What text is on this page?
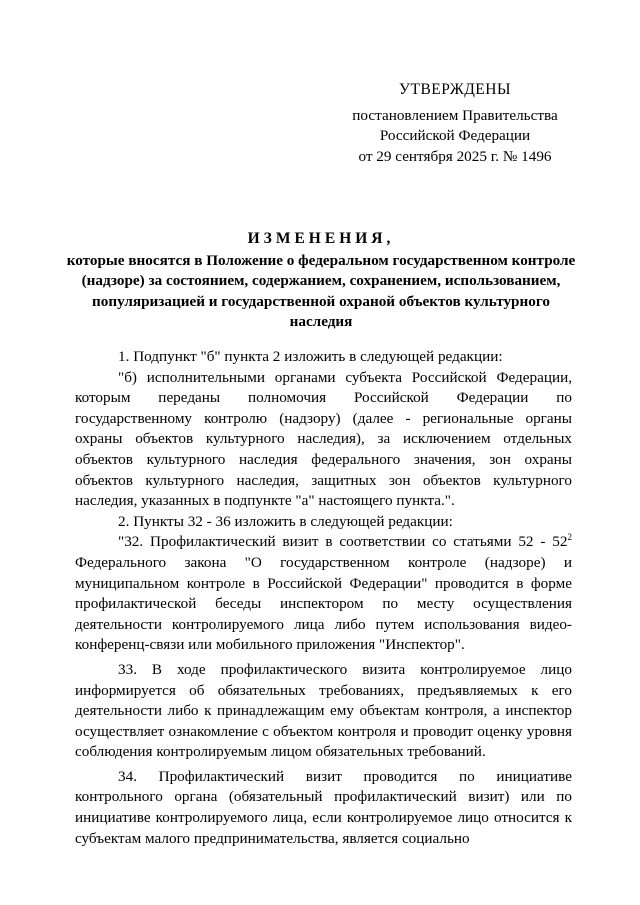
УТВЕРЖДЕНЫ
постановлением Правительства
Российской Федерации
от 29 сентября 2025 г. № 1496
ИЗМЕНЕНИЯ,
которые вносятся в Положение о федеральном государственном контроле (надзоре) за состоянием, содержанием, сохранением, использованием, популяризацией и государственной охраной объектов культурного наследия

1. Подпункт "б" пункта 2 изложить в следующей редакции:

"б) исполнительными органами субъекта Российской Федерации, которым переданы полномочия Российской Федерации по государственному контролю (надзору) (далее - региональные органы охраны объектов культурного наследия), за исключением отдельных объектов культурного наследия федерального значения, зон охраны объектов культурного наследия, защитных зон объектов культурного наследия, указанных в подпункте "а" настоящего пункта.".

2. Пункты 32 - 36 изложить в следующей редакции:

"32. Профилактический визит в соответствии со статьями $52 - 52^2$ Федерального закона "О государственном контроле (надзоре) и муниципальном контроле в Российской Федерации" проводится в форме профилактической беседы инспектором по месту осуществления деятельности контролируемого лица либо путем использования видео-конференц-связи или мобильного приложения "Инспектор".

33. В ходе профилактического визита контролируемое лицо информируется об обязательных требованиях, предъявляемых к его деятельности либо к принадлежащим ему объектам контроля, а инспектор осуществляет ознакомление с объектом контроля и проводит оценку уровня соблюдения контролируемым лицом обязательных требований.

34. Профилактический визит проводится по инициативе контрольного органа (обязательный профилактический визит) или по инициативе контролируемого лица, если контролируемое лицо относится к субъектам малого предпринимательства, является социально
